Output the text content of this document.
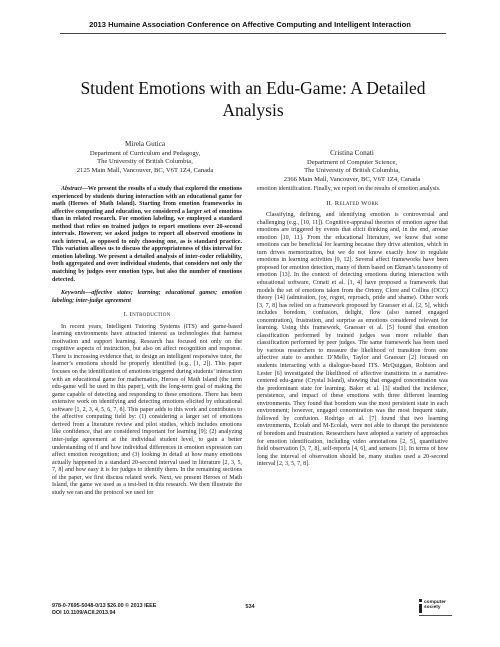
2013 Humaine Association Conference on Affective Computing and Intelligent Interaction
Student Emotions with an Edu-Game: A Detailed Analysis
Mirela Gutica
Department of Curriculum and Pedagogy,
The University of British Columbia,
2125 Main Mall, Vancouver, BC, V6T 1Z4, Canada
Cristina Conati
Department of Computer Science,
The University of British Columbia,
2366 Main Mall, Vancouver, BC, V6T 1Z4, Canada

Abstract—We present the results of a study that explored the emotions experienced by students during interaction with an educational game for math (Heroes of Math Island). Starting from emotion frameworks in affective computing and education, we considered a larger set of emotions than in related research. For emotion labeling, we employed a standard method that relies on trained judges to report emotions over 20-second intervals. However, we asked judges to report all observed emotions in each interval, as opposed to only choosing one, as is standard practice. This variation allows us to discuss the appropriateness of this interval for emotion labeling. We present a detailed analysis of inter-coder reliability, both aggregated and over individual students, that considers not only the matching by judges over emotion type, but also the number of emotions detected.

Keywords—affective states; learning; educational games; emotion labeling; inter-judge agreement

I. Introduction

In recent years, Intelligent Tutoring Systems (ITS) and game-based learning environments have attracted interest as technologies that harness motivation and support learning. Research has focused not only on the cognitive aspects of instruction, but also on affect recognition and response. There is increasing evidence that, to design an intelligent responsive tutor, the learner’s emotions should be properly identified (e.g., [1, 2]). This paper focuses on the identification of emotions triggered during students’ interaction with an educational game for mathematics, Heroes of Math Island (the term edu-game will be used in this paper), with the long-term goal of making the game capable of detecting and responding to these emotions. There has been extensive work on identifying and detecting emotions elicited by educational software [1, 2, 3, 4, 5, 6, 7, 8]. This paper adds to this work and contributes to the affective computing field by: (1) considering a larger set of emotions derived from a literature review and pilot studies, which includes emotions like confidence, that are considered important for learning [9]; (2) analyzing inter-judge agreement at the individual student level, to gain a better understanding of if and how individual differences in emotion expression can affect emotion recognition; and (3) looking in detail at how many emotions actually happened in a standard 20-second interval used in literature [2, 3, 5, 7, 8] and how easy it is for judges to identify them. In the remaining sections of the paper, we first discuss related work. Next, we present Heroes of Math Island, the game we used as a test-bed in this research. We then illustrate the study we ran and the protocol we used for

emotion identification. Finally, we report on the results of emotion analysis.

II. Related Work

Classifying, defining, and identifying emotion is controversial and challenging (e.g., [10, 11]). Cognitive-appraisal theories of emotion agree that emotions are triggered by events that elicit thinking and, in the end, arouse emotion [10, 11]. From the educational literature, we know that some emotions can be beneficial for learning because they drive attention, which in turn drives memorization, but we do not know exactly how to regulate emotions in learning activities [9, 12]. Several affect frameworks have been proposed for emotion detection, many of them based on Ekman’s taxonomy of emotion [13]. In the context of detecting emotions during interaction with educational software, Conati et al. [1, 4] have proposed a framework that models the set of emotions taken from the Ortony, Clore and Collins (OCC) theory [14] (admiration, joy, regret, reproach, pride and shame). Other work [3, 7, 8] has relied on a framework proposed by Graesser et al. [2, 5], which includes boredom, confusion, delight, flow (also named engaged concentration), frustration, and surprise as emotions considered relevant for learning. Using this framework, Graesser et al. [5] found that emotion classification performed by trained judges was more reliable than classification performed by peer judges. The same framework has been used by various researchers to measure the likelihood of transition from one affective state to another. D’Mello, Taylor and Graesser [2] focused on students interacting with a dialogue-based ITS. McQuiggan, Robison and Lester [6] investigated the likelihood of affective transitions in a narrative-centered edu-game (Crystal Island), showing that engaged concentration was the predominant state for learning. Baker et al. [3] studied the incidence, persistence, and impact of these emotions with three different learning environments. They found that boredom was the most persistent state in each environment; however, engaged concentration was the most frequent state, followed by confusion. Rodrigo et al. [7] found that two learning environments, Ecolab and M-Ecolab, were not able to disrupt the persistence of boredom and frustration. Researchers have adopted a variety of approaches for emotion identification, including video annotations [2, 5], quantitative field observation [3, 7, 8], self-reports [4, 6], and sensors [1]. In terms of how long the interval of observation should be, many studies used a 20-second interval [2, 3, 5, 7, 8].

978-0-7695-5048-0/13 $26.00 © 2013 IEEE
DOI 10.1109/ACII.2013.94
534
computer
society
